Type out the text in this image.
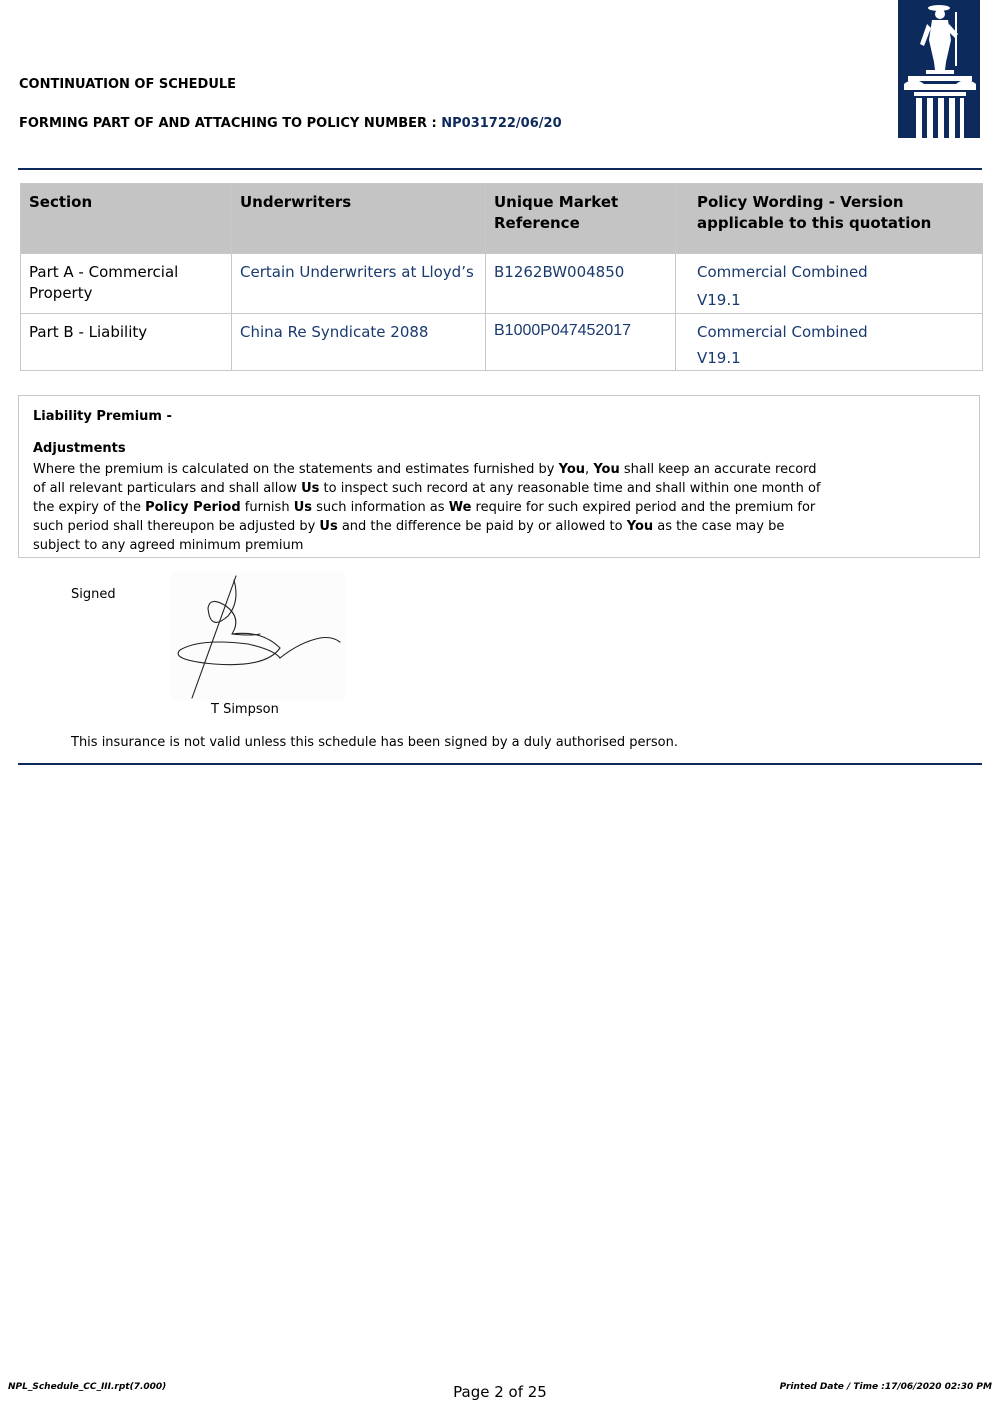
CONTINUATION OF SCHEDULE
FORMING PART OF AND ATTACHING TO POLICY NUMBER : NP031722/06/20
Section	Underwriters	Unique Market Reference	Policy Wording - Version applicable to this quotation
Part A - Commercial Property	Certain Underwriters at Lloyd’s	B1262BW004850	Commercial Combined
V19.1

Part B - Liability	China Re Syndicate 2088	B1000P047452017	Commercial Combined
V19.1
Liability Premium -
Adjustments
Where the premium is calculated on the statements and estimates furnished by You, You shall keep an accurate record of all relevant particulars and shall allow Us to inspect such record at any reasonable time and shall within one month of the expiry of the Policy Period furnish Us such information as We require for such expired period and the premium for such period shall thereupon be adjusted by Us and the difference be paid by or allowed to You as the case may be subject to any agreed minimum premium
Signed
T Simpson
This insurance is not valid unless this schedule has been signed by a duly authorised person.
NPL_Schedule_CC_III.rpt(7.000)	Page 2 of 25	Printed Date / Time :17/06/2020 02:30 PM
